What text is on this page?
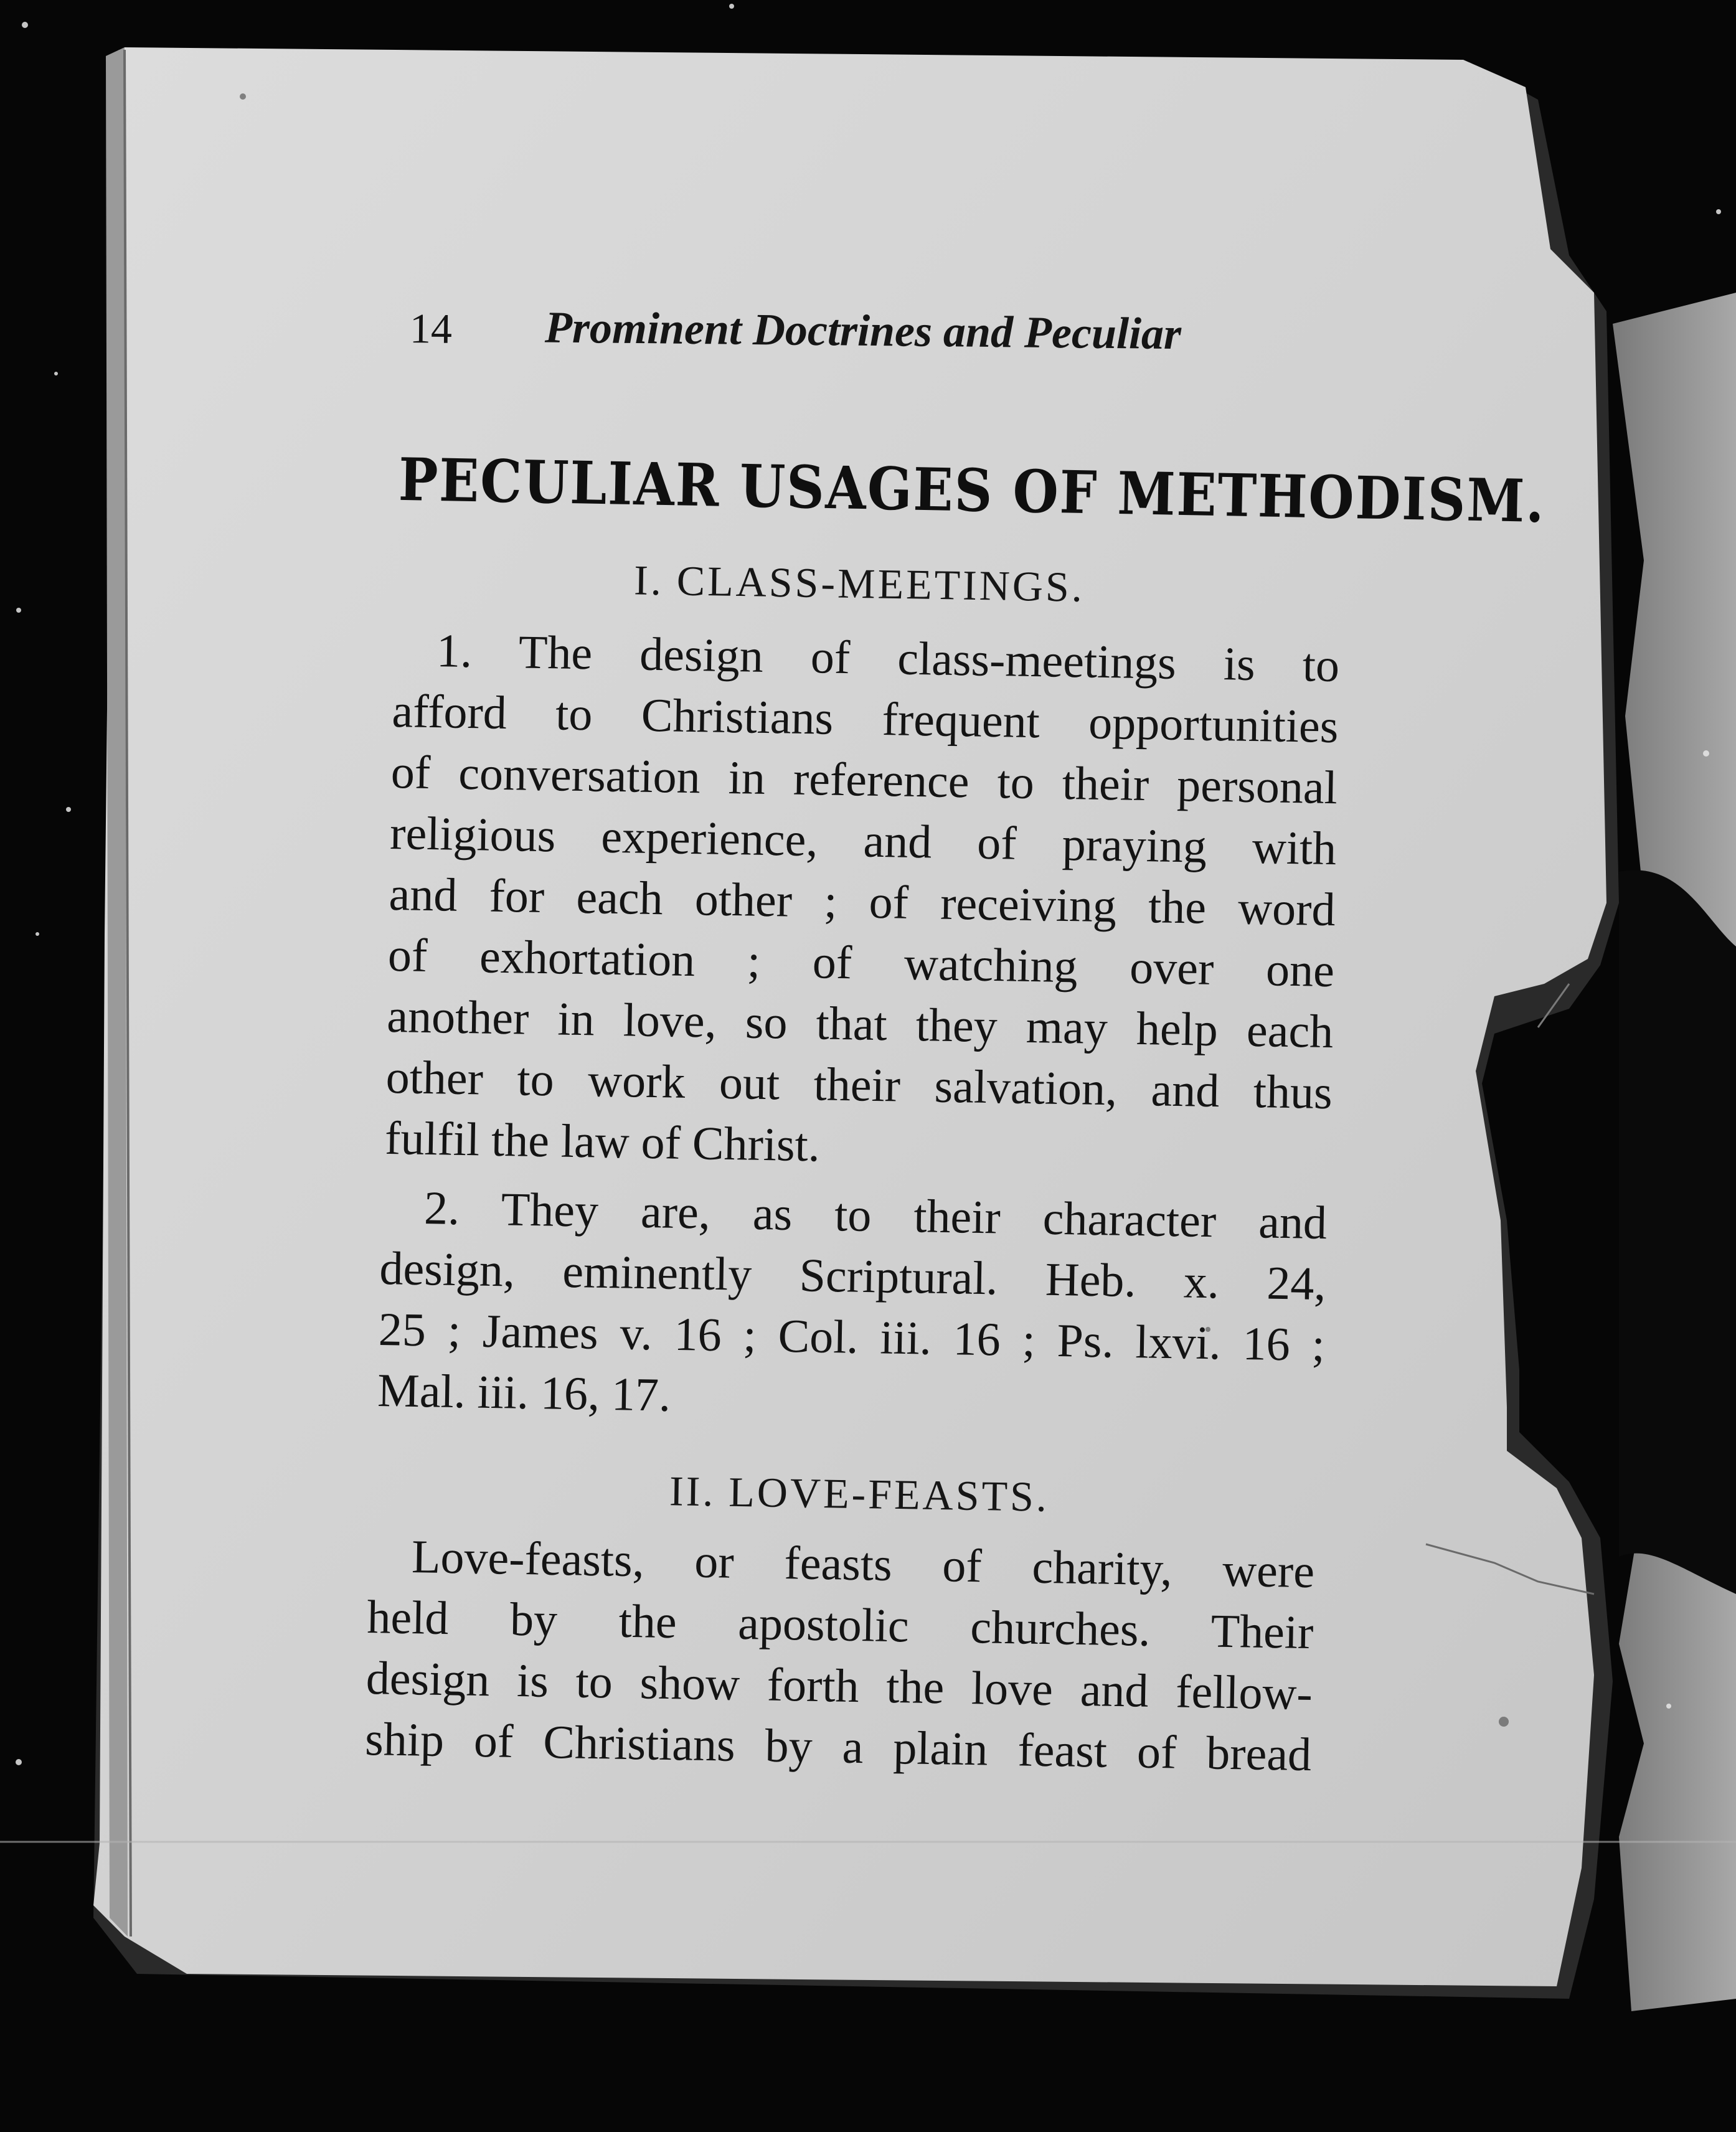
14 Prominent Doctrines and Peculiar
PECULIAR USAGES OF METHODISM.
I. CLASS-MEETINGS.
1. The design of class-meetings is to
afford to Christians frequent opportunities
of conversation in reference to their personal
religious experience, and of praying with
and for each other ; of receiving the word
of exhortation ; of watching over one
another in love, so that they may help each
other to work out their salvation, and thus
fulfil the law of Christ.
2. They are, as to their character and
design, eminently Scriptural. Heb. x. 24,
25 ; James v. 16 ; Col. iii. 16 ; Ps. lxvi. 16 ;
Mal. iii. 16, 17.
II. LOVE-FEASTS.
Love-feasts, or feasts of charity, were
held by the apostolic churches. Their
design is to show forth the love and fellow-
ship of Christians by a plain feast of bread
